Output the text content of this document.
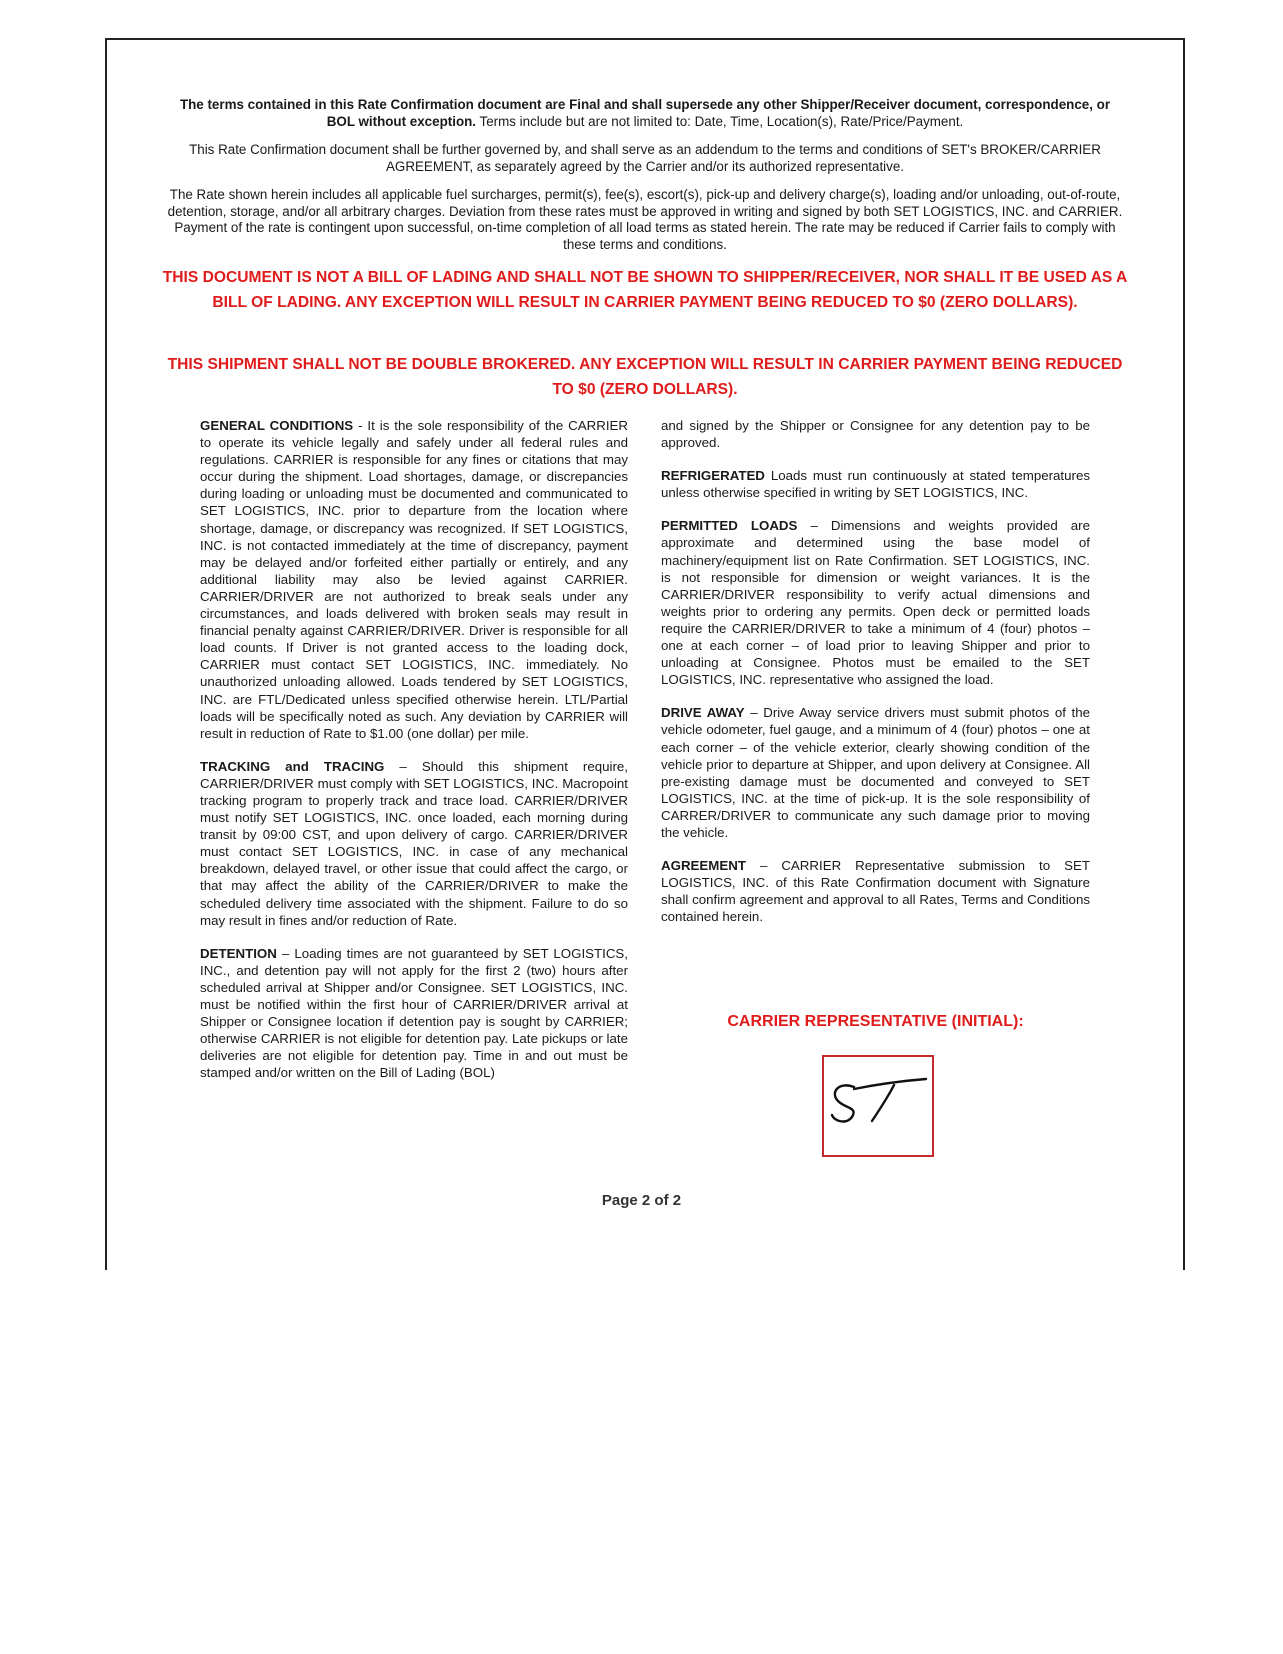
The terms contained in this Rate Confirmation document are Final and shall supersede any other Shipper/Receiver document, correspondence, or BOL without exception. Terms include but are not limited to: Date, Time, Location(s), Rate/Price/Payment.
This Rate Confirmation document shall be further governed by, and shall serve as an addendum to the terms and conditions of SET's BROKER/CARRIER AGREEMENT, as separately agreed by the Carrier and/or its authorized representative.
The Rate shown herein includes all applicable fuel surcharges, permit(s), fee(s), escort(s), pick-up and delivery charge(s), loading and/or unloading, out-of-route, detention, storage, and/or all arbitrary charges. Deviation from these rates must be approved in writing and signed by both SET LOGISTICS, INC. and CARRIER. Payment of the rate is contingent upon successful, on-time completion of all load terms as stated herein. The rate may be reduced if Carrier fails to comply with these terms and conditions.
THIS DOCUMENT IS NOT A BILL OF LADING AND SHALL NOT BE SHOWN TO SHIPPER/RECEIVER, NOR SHALL IT BE USED AS A BILL OF LADING. ANY EXCEPTION WILL RESULT IN CARRIER PAYMENT BEING REDUCED TO $0 (ZERO DOLLARS).
THIS SHIPMENT SHALL NOT BE DOUBLE BROKERED. ANY EXCEPTION WILL RESULT IN CARRIER PAYMENT BEING REDUCED TO $0 (ZERO DOLLARS).

GENERAL CONDITIONS - It is the sole responsibility of the CARRIER to operate its vehicle legally and safely under all federal rules and regulations. CARRIER is responsible for any fines or citations that may occur during the shipment. Load shortages, damage, or discrepancies during loading or unloading must be documented and communicated to SET LOGISTICS, INC. prior to departure from the location where shortage, damage, or discrepancy was recognized. If SET LOGISTICS, INC. is not contacted immediately at the time of discrepancy, payment may be delayed and/or forfeited either partially or entirely, and any additional liability may also be levied against CARRIER. CARRIER/DRIVER are not authorized to break seals under any circumstances, and loads delivered with broken seals may result in financial penalty against CARRIER/DRIVER. Driver is responsible for all load counts. If Driver is not granted access to the loading dock, CARRIER must contact SET LOGISTICS, INC. immediately. No unauthorized unloading allowed. Loads tendered by SET LOGISTICS, INC. are FTL/Dedicated unless specified otherwise herein. LTL/Partial loads will be specifically noted as such. Any deviation by CARRIER will result in reduction of Rate to $1.00 (one dollar) per mile.

TRACKING and TRACING – Should this shipment require, CARRIER/DRIVER must comply with SET LOGISTICS, INC. Macropoint tracking program to properly track and trace load. CARRIER/DRIVER must notify SET LOGISTICS, INC. once loaded, each morning during transit by 09:00 CST, and upon delivery of cargo. CARRIER/DRIVER must contact SET LOGISTICS, INC. in case of any mechanical breakdown, delayed travel, or other issue that could affect the cargo, or that may affect the ability of the CARRIER/DRIVER to make the scheduled delivery time associated with the shipment. Failure to do so may result in fines and/or reduction of Rate.

DETENTION – Loading times are not guaranteed by SET LOGISTICS, INC., and detention pay will not apply for the first 2 (two) hours after scheduled arrival at Shipper and/or Consignee. SET LOGISTICS, INC. must be notified within the first hour of CARRIER/DRIVER arrival at Shipper or Consignee location if detention pay is sought by CARRIER; otherwise CARRIER is not eligible for detention pay. Late pickups or late deliveries are not eligible for detention pay. Time in and out must be stamped and/or written on the Bill of Lading (BOL)

and signed by the Shipper or Consignee for any detention pay to be approved.

REFRIGERATED Loads must run continuously at stated temperatures unless otherwise specified in writing by SET LOGISTICS, INC.

PERMITTED LOADS – Dimensions and weights provided are approximate and determined using the base model of machinery/equipment list on Rate Confirmation. SET LOGISTICS, INC. is not responsible for dimension or weight variances. It is the CARRIER/DRIVER responsibility to verify actual dimensions and weights prior to ordering any permits. Open deck or permitted loads require the CARRIER/DRIVER to take a minimum of 4 (four) photos – one at each corner – of load prior to leaving Shipper and prior to unloading at Consignee. Photos must be emailed to the SET LOGISTICS, INC. representative who assigned the load.

DRIVE AWAY – Drive Away service drivers must submit photos of the vehicle odometer, fuel gauge, and a minimum of 4 (four) photos – one at each corner – of the vehicle exterior, clearly showing condition of the vehicle prior to departure at Shipper, and upon delivery at Consignee. All pre-existing damage must be documented and conveyed to SET LOGISTICS, INC. at the time of pick-up. It is the sole responsibility of CARRER/DRIVER to communicate any such damage prior to moving the vehicle.

AGREEMENT – CARRIER Representative submission to SET LOGISTICS, INC. of this Rate Confirmation document with Signature shall confirm agreement and approval to all Rates, Terms and Conditions contained herein.

CARRIER REPRESENTATIVE (INITIAL):
Page 2 of 2
